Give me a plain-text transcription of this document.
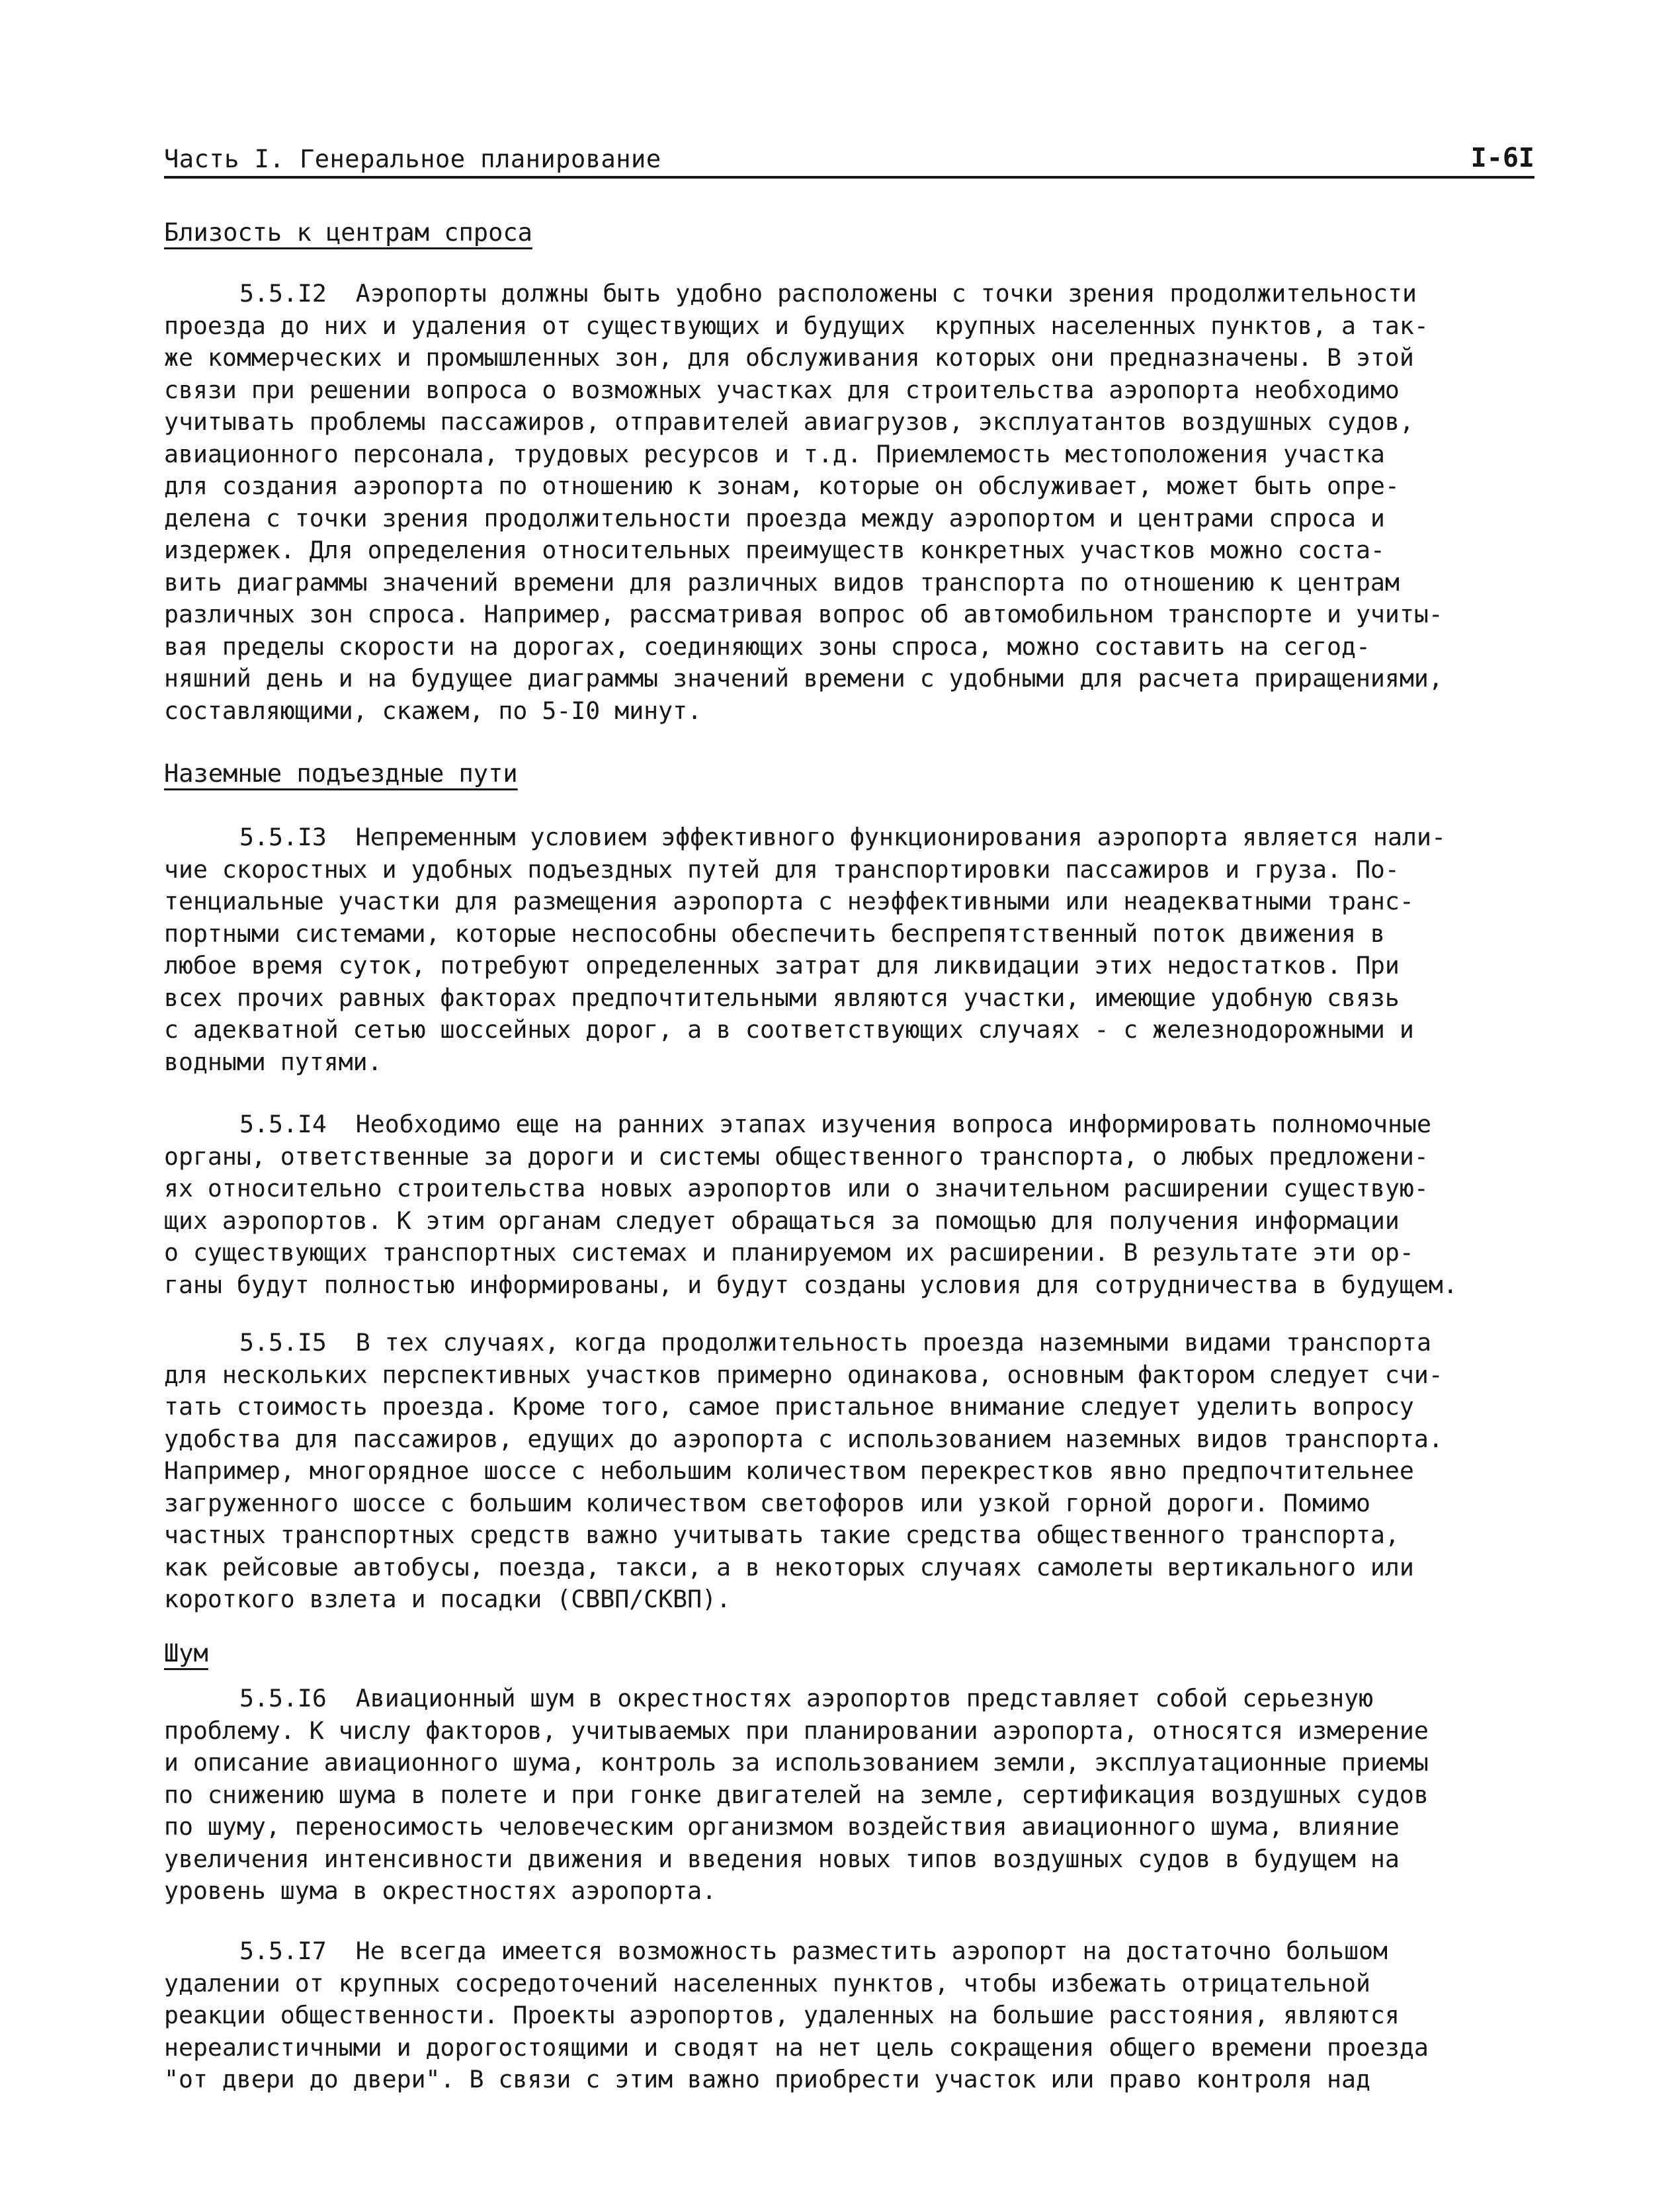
Часть I. Генеральное планирование	I-6I
Близость к центрам спроса
5.5.I2  Аэропорты должны быть удобно расположены с точки зрения продолжительности
проезда до них и удаления от существующих и будущих  крупных населенных пунктов, а так-
же коммерческих и промышленных зон, для обслуживания которых они предназначены. В этой
связи при решении вопроса о возможных участках для строительства аэропорта необходимо
учитывать проблемы пассажиров, отправителей авиагрузов, эксплуатантов воздушных судов,
авиационного персонала, трудовых ресурсов и т.д. Приемлемость местоположения участка
для создания аэропорта по отношению к зонам, которые он обслуживает, может быть опре-
делена с точки зрения продолжительности проезда между аэропортом и центрами спроса и
издержек. Для определения относительных преимуществ конкретных участков можно соста-
вить диаграммы значений времени для различных видов транспорта по отношению к центрам
различных зон спроса. Например, рассматривая вопрос об автомобильном транспорте и учиты-
вая пределы скорости на дорогах, соединяющих зоны спроса, можно составить на сегод-
няшний день и на будущее диаграммы значений времени с удобными для расчета приращениями,
составляющими, скажем, по 5-I0 минут.
Наземные подъездные пути
5.5.I3  Непременным условием эффективного функционирования аэропорта является нали-
чие скоростных и удобных подъездных путей для транспортировки пассажиров и груза. По-
тенциальные участки для размещения аэропорта с неэффективными или неадекватными транс-
портными системами, которые неспособны обеспечить беспрепятственный поток движения в
любое время суток, потребуют определенных затрат для ликвидации этих недостатков. При
всех прочих равных факторах предпочтительными являются участки, имеющие удобную связь
с адекватной сетью шоссейных дорог, а в соответствующих случаях - с железнодорожными и
водными путями.
5.5.I4  Необходимо еще на ранних этапах изучения вопроса информировать полномочные
органы, ответственные за дороги и системы общественного транспорта, о любых предложени-
ях относительно строительства новых аэропортов или о значительном расширении существую-
щих аэропортов. К этим органам следует обращаться за помощью для получения информации
о существующих транспортных системах и планируемом их расширении. В результате эти ор-
ганы будут полностью информированы, и будут созданы условия для сотрудничества в будущем.
5.5.I5  В тех случаях, когда продолжительность проезда наземными видами транспорта
для нескольких перспективных участков примерно одинакова, основным фактором следует счи-
тать стоимость проезда. Кроме того, самое пристальное внимание следует уделить вопросу
удобства для пассажиров, едущих до аэропорта с использованием наземных видов транспорта.
Например, многорядное шоссе с небольшим количеством перекрестков явно предпочтительнее
загруженного шоссе с большим количеством светофоров или узкой горной дороги. Помимо
частных транспортных средств важно учитывать такие средства общественного транспорта,
как рейсовые автобусы, поезда, такси, а в некоторых случаях самолеты вертикального или
короткого взлета и посадки (СВВП/СКВП).
Шум
5.5.I6  Авиационный шум в окрестностях аэропортов представляет собой серьезную
проблему. К числу факторов, учитываемых при планировании аэропорта, относятся измерение
и описание авиационного шума, контроль за использованием земли, эксплуатационные приемы
по снижению шума в полете и при гонке двигателей на земле, сертификация воздушных судов
по шуму, переносимость человеческим организмом воздействия авиационного шума, влияние
увеличения интенсивности движения и введения новых типов воздушных судов в будущем на
уровень шума в окрестностях аэропорта.
5.5.I7  Не всегда имеется возможность разместить аэропорт на достаточно большом
удалении от крупных сосредоточений населенных пунктов, чтобы избежать отрицательной
реакции общественности. Проекты аэропортов, удаленных на большие расстояния, являются
нереалистичными и дорогостоящими и сводят на нет цель сокращения общего времени проезда
"от двери до двери". В связи с этим важно приобрести участок или право контроля над
